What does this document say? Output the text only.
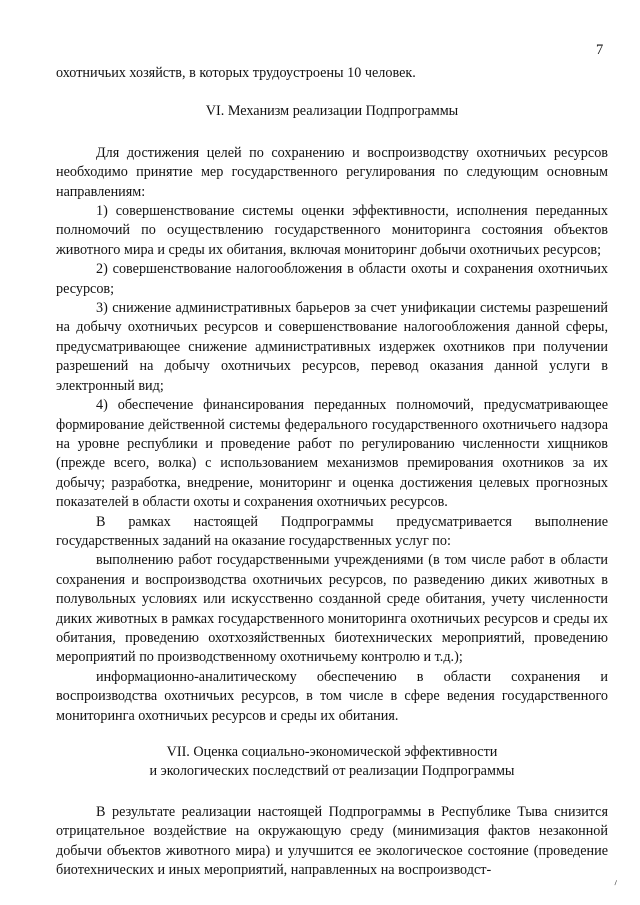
7

охотничьих хозяйств, в которых трудоустроены 10 человек.

VI. Механизм реализации Подпрограммы

Для достижения целей по сохранению и воспроизводству охотничьих ресурсов необходимо принятие мер государственного регулирования по следующим основным направлениям:

1) совершенствование системы оценки эффективности, исполнения переданных полномочий по осуществлению государственного мониторинга состояния объектов животного мира и среды их обитания, включая мониторинг добычи охотничьих ресурсов;

2) совершенствование налогообложения в области охоты и сохранения охотничьих ресурсов;

3) снижение административных барьеров за счет унификации системы разрешений на добычу охотничьих ресурсов и совершенствование налогообложения данной сферы, предусматривающее снижение административных издержек охотников при получении разрешений на добычу охотничьих ресурсов, перевод оказания данной услуги в электронный вид;

4) обеспечение финансирования переданных полномочий, предусматривающее формирование действенной системы федерального государственного охотничьего надзора на уровне республики и проведение работ по регулированию численности хищников (прежде всего, волка) с использованием механизмов премирования охотников за их добычу; разработка, внедрение, мониторинг и оценка достижения целевых прогнозных показателей в области охоты и сохранения охотничьих ресурсов.

В рамках настоящей Подпрограммы предусматривается выполнение государственных заданий на оказание государственных услуг по:

выполнению работ государственными учреждениями (в том числе работ в области сохранения и воспроизводства охотничьих ресурсов, по разведению диких животных в полувольных условиях или искусственно созданной среде обитания, учету численности диких животных в рамках государственного мониторинга охотничьих ресурсов и среды их обитания, проведению охотхозяйственных биотехнических мероприятий, проведению мероприятий по производственному охотничьему контролю и т.д.);

информационно-аналитическому обеспечению в области сохранения и воспроизводства охотничьих ресурсов, в том числе в сфере ведения государственного мониторинга охотничьих ресурсов и среды их обитания.

VII. Оценка социально-экономической эффективности

и экологических последствий от реализации Подпрограммы

В результате реализации настоящей Подпрограммы в Республике Тыва снизится отрицательное воздействие на окружающую среду (минимизация фактов незаконной добычи объектов животного мира) и улучшится ее экологическое состояние (проведение биотехнических и иных мероприятий, направленных на воспроизводст-

⸝
